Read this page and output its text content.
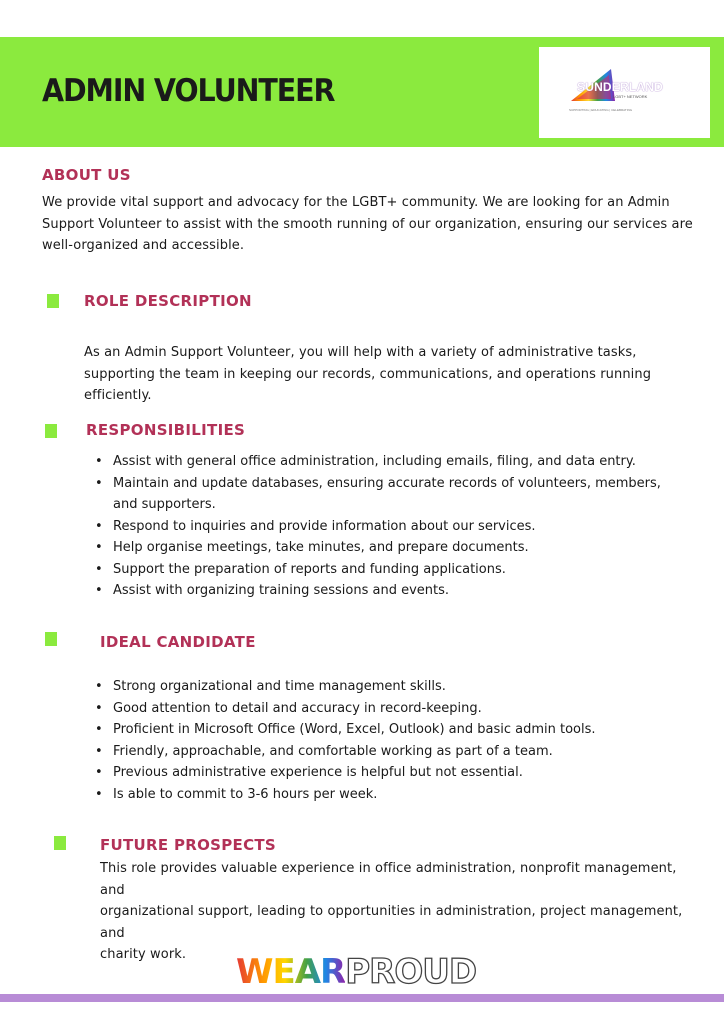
ADMIN VOLUNTEER	SUNDERLAND
LGBT+ NETWORK
SUPPORTING | EDUCATING | CELEBRATING
ABOUT US
We provide vital support and advocacy for the LGBT+ community. We are looking for an Admin
Support Volunteer to assist with the smooth running of our organization, ensuring our services are
well-organized and accessible.
ROLE DESCRIPTION
As an Admin Support Volunteer, you will help with a variety of administrative tasks,
supporting the team in keeping our records, communications, and operations running
efficiently.
RESPONSIBILITIES
• Assist with general office administration, including emails, filing, and data entry.
• Maintain and update databases, ensuring accurate records of volunteers, members,
and supporters.
• Respond to inquiries and provide information about our services.
• Help organise meetings, take minutes, and prepare documents.
• Support the preparation of reports and funding applications.
• Assist with organizing training sessions and events.
IDEAL CANDIDATE
• Strong organizational and time management skills.
• Good attention to detail and accuracy in record-keeping.
• Proficient in Microsoft Office (Word, Excel, Outlook) and basic admin tools.
• Friendly, approachable, and comfortable working as part of a team.
• Previous administrative experience is helpful but not essential.
• Is able to commit to 3-6 hours per week.
FUTURE PROSPECTS
This role provides valuable experience in office administration, nonprofit management, and
organizational support, leading to opportunities in administration, project management, and
charity work.	WEARPROUD
